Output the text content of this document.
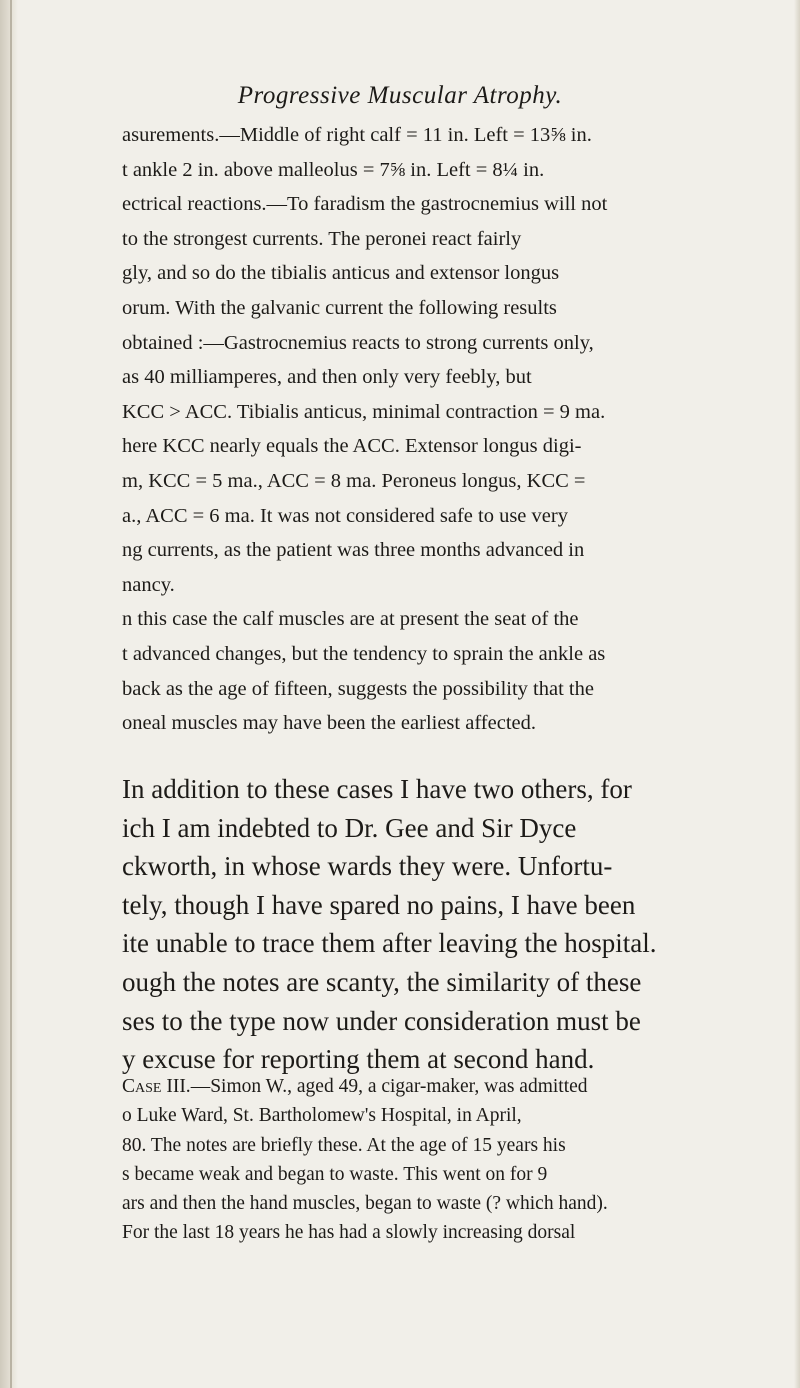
Progressive Muscular Atrophy.
asurements.—Middle of right calf = 11 in. Left = 13⅝ in.
t ankle 2 in. above malleolus = 7⅝ in. Left = 8¼ in.
ectrical reactions.—To faradism the gastrocnemius will not
to the strongest currents. The peronei react fairly
gly, and so do the tibialis anticus and extensor longus
orum. With the galvanic current the following results
obtained :—Gastrocnemius reacts to strong currents only,
as 40 milliamperes, and then only very feebly, but
KCC > ACC. Tibialis anticus, minimal contraction = 9 ma.
here KCC nearly equals the ACC. Extensor longus digi-
m, KCC = 5 ma., ACC = 8 ma. Peroneus longus, KCC =
a., ACC = 6 ma. It was not considered safe to use very
ng currents, as the patient was three months advanced in
nancy.
n this case the calf muscles are at present the seat of the
t advanced changes, but the tendency to sprain the ankle as
back as the age of fifteen, suggests the possibility that the
oneal muscles may have been the earliest affected.
In addition to these cases I have two others, for
ich I am indebted to Dr. Gee and Sir Dyce
ckworth, in whose wards they were. Unfortu-
tely, though I have spared no pains, I have been
ite unable to trace them after leaving the hospital.
ough the notes are scanty, the similarity of these
ses to the type now under consideration must be
y excuse for reporting them at second hand.
Case III.—Simon W., aged 49, a cigar-maker, was admitted
o Luke Ward, St. Bartholomew's Hospital, in April,
80. The notes are briefly these. At the age of 15 years his
s became weak and began to waste. This went on for 9
ars and then the hand muscles, began to waste (? which hand).
For the last 18 years he has had a slowly increasing dorsal
